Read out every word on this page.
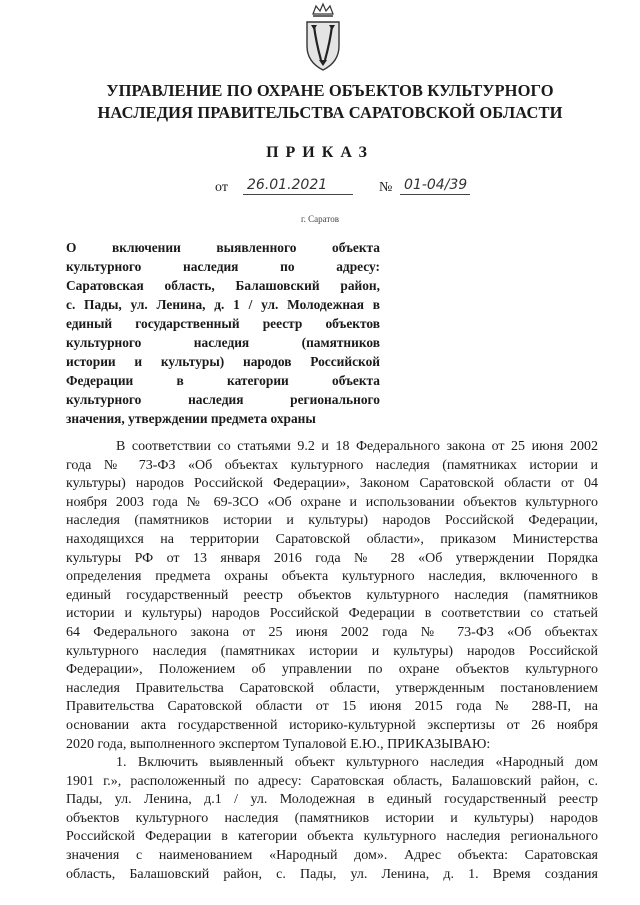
УПРАВЛЕНИЕ ПО ОХРАНЕ ОБЪЕКТОВ КУЛЬТУРНОГО
НАСЛЕДИЯ ПРАВИТЕЛЬСТВА САРАТОВСКОЙ ОБЛАСТИ
ПРИКАЗ
от 26.01.2021	№ 01-04/39
г. Саратов
О включении выявленного объекта
культурного наследия по адресу:
Саратовская область, Балашовский район,
с. Пады, ул. Ленина, д. 1 / ул. Молодежная в
единый государственный реестр объектов
культурного наследия (памятников
истории и культуры) народов Российской
Федерации в категории объекта
культурного наследия регионального
значения, утверждении предмета охраны
В соответствии со статьями 9.2 и 18 Федерального закона от 25 июня 2002
года № 73-ФЗ «Об объектах культурного наследия (памятниках истории и
культуры) народов Российской Федерации», Законом Саратовской области от 04
ноября 2003 года № 69-ЗСО «Об охране и использовании объектов культурного
наследия (памятников истории и культуры) народов Российской Федерации,
находящихся на территории Саратовской области», приказом Министерства
культуры РФ от 13 января 2016 года № 28 «Об утверждении Порядка
определения предмета охраны объекта культурного наследия, включенного в
единый государственный реестр объектов культурного наследия (памятников
истории и культуры) народов Российской Федерации в соответствии со статьей
64 Федерального закона от 25 июня 2002 года № 73-ФЗ «Об объектах
культурного наследия (памятниках истории и культуры) народов Российской
Федерации», Положением об управлении по охране объектов культурного
наследия Правительства Саратовской области, утвержденным постановлением
Правительства Саратовской области от 15 июня 2015 года № 288-П, на
основании акта государственной историко-культурной экспертизы от 26 ноября
2020 года, выполненного экспертом Тупаловой Е.Ю., ПРИКАЗЫВАЮ:
1. Включить выявленный объект культурного наследия «Народный дом
1901 г.», расположенный по адресу: Саратовская область, Балашовский район, с.
Пады, ул. Ленина, д.1 / ул. Молодежная в единый государственный реестр
объектов культурного наследия (памятников истории и культуры) народов
Российской Федерации в категории объекта культурного наследия регионального
значения с наименованием «Народный дом». Адрес объекта: Саратовская
область, Балашовский район, с. Пады, ул. Ленина, д. 1. Время создания
